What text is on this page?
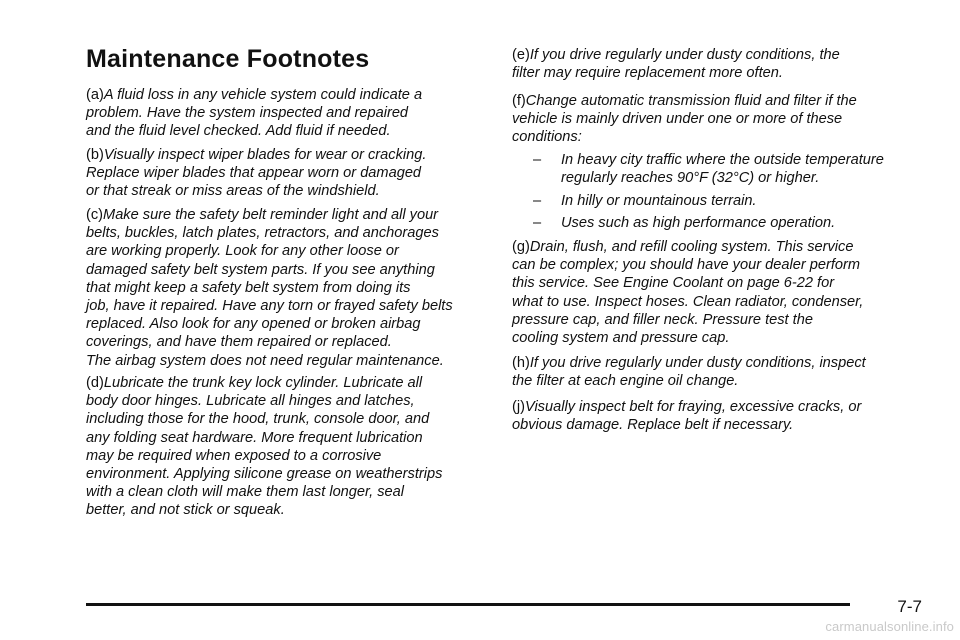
Maintenance Footnotes
(a)A fluid loss in any vehicle system could indicate a
problem. Have the system inspected and repaired
and the fluid level checked. Add fluid if needed.
(b)Visually inspect wiper blades for wear or cracking.
Replace wiper blades that appear worn or damaged
or that streak or miss areas of the windshield.
(c)Make sure the safety belt reminder light and all your
belts, buckles, latch plates, retractors, and anchorages
are working properly. Look for any other loose or
damaged safety belt system parts. If you see anything
that might keep a safety belt system from doing its
job, have it repaired. Have any torn or frayed safety belts
replaced. Also look for any opened or broken airbag
coverings, and have them repaired or replaced.
The airbag system does not need regular maintenance.
(d)Lubricate the trunk key lock cylinder. Lubricate all
body door hinges. Lubricate all hinges and latches,
including those for the hood, trunk, console door, and
any folding seat hardware. More frequent lubrication
may be required when exposed to a corrosive
environment. Applying silicone grease on weatherstrips
with a clean cloth will make them last longer, seal
better, and not stick or squeak.
(e)If you drive regularly under dusty conditions, the
filter may require replacement more often.
(f)Change automatic transmission fluid and filter if the
vehicle is mainly driven under one or more of these
conditions:
–	In heavy city traffic where the outside temperature
regularly reaches 90°F (32°C) or higher.
–	In hilly or mountainous terrain.
–	Uses such as high performance operation.
(g)Drain, flush, and refill cooling system. This service
can be complex; you should have your dealer perform
this service. See Engine Coolant on page 6-22 for
what to use. Inspect hoses. Clean radiator, condenser,
pressure cap, and filler neck. Pressure test the
cooling system and pressure cap.
(h)If you drive regularly under dusty conditions, inspect
the filter at each engine oil change.
(j)Visually inspect belt for fraying, excessive cracks, or
obvious damage. Replace belt if necessary.
7-7
carmanualsonline.info
